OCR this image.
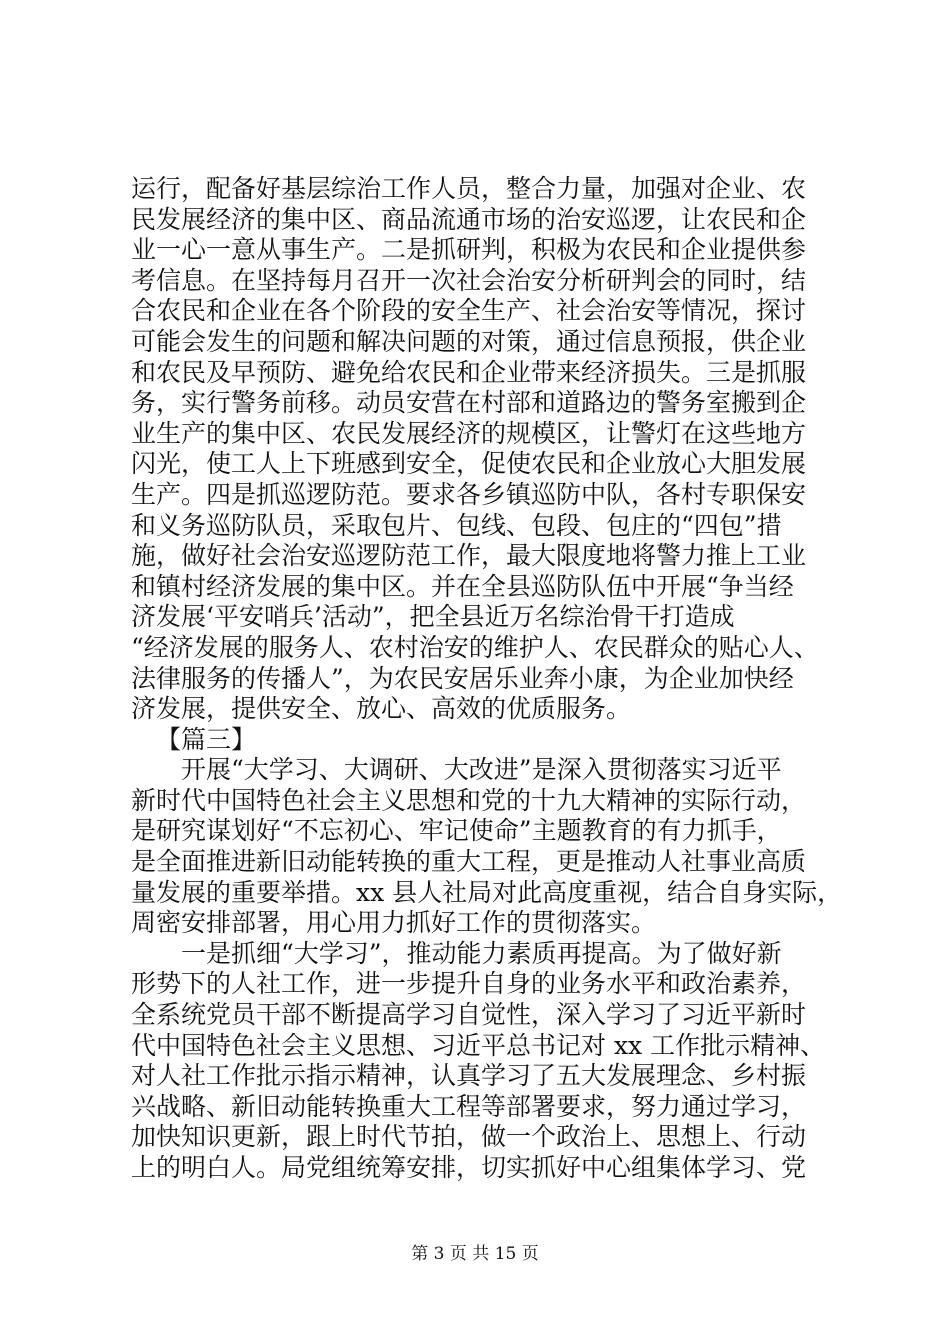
运行，配备好基层综治工作人员，整合力量，加强对企业、农
民发展经济的集中区、商品流通市场的治安巡逻，让农民和企
业一心一意从事生产。二是抓研判，积极为农民和企业提供参
考信息。在坚持每月召开一次社会治安分析研判会的同时，结
合农民和企业在各个阶段的安全生产、社会治安等情况，探讨
可能会发生的问题和解决问题的对策，通过信息预报，供企业
和农民及早预防、避免给农民和企业带来经济损失。三是抓服
务，实行警务前移。动员安营在村部和道路边的警务室搬到企
业生产的集中区、农民发展经济的规模区，让警灯在这些地方
闪光，使工人上下班感到安全，促使农民和企业放心大胆发展
生产。四是抓巡逻防范。要求各乡镇巡防中队，各村专职保安
和义务巡防队员，采取包片、包线、包段、包庄的“四包”措
施，做好社会治安巡逻防范工作，最大限度地将警力推上工业
和镇村经济发展的集中区。并在全县巡防队伍中开展“争当经
济发展‘平安哨兵’活动”，把全县近万名综治骨干打造成
“经济发展的服务人、农村治安的维护人、农民群众的贴心人、
法律服务的传播人”，为农民安居乐业奔小康，为企业加快经
济发展，提供安全、放心、高效的优质服务。
【篇三】
开展“大学习、大调研、大改进”是深入贯彻落实习近平
新时代中国特色社会主义思想和党的十九大精神的实际行动，
是研究谋划好“不忘初心、牢记使命”主题教育的有力抓手，
是全面推进新旧动能转换的重大工程，更是推动人社事业高质
量发展的重要举措。xx 县人社局对此高度重视，结合自身实际，
周密安排部署，用心用力抓好工作的贯彻落实。
一是抓细“大学习”，推动能力素质再提高。为了做好新
形势下的人社工作，进一步提升自身的业务水平和政治素养，
全系统党员干部不断提高学习自觉性，深入学习了习近平新时
代中国特色社会主义思想、习近平总书记对 xx 工作批示精神、
对人社工作批示指示精神，认真学习了五大发展理念、乡村振
兴战略、新旧动能转换重大工程等部署要求，努力通过学习，
加快知识更新，跟上时代节拍，做一个政治上、思想上、行动
上的明白人。局党组统筹安排，切实抓好中心组集体学习、党
第 3 页 共 15 页
